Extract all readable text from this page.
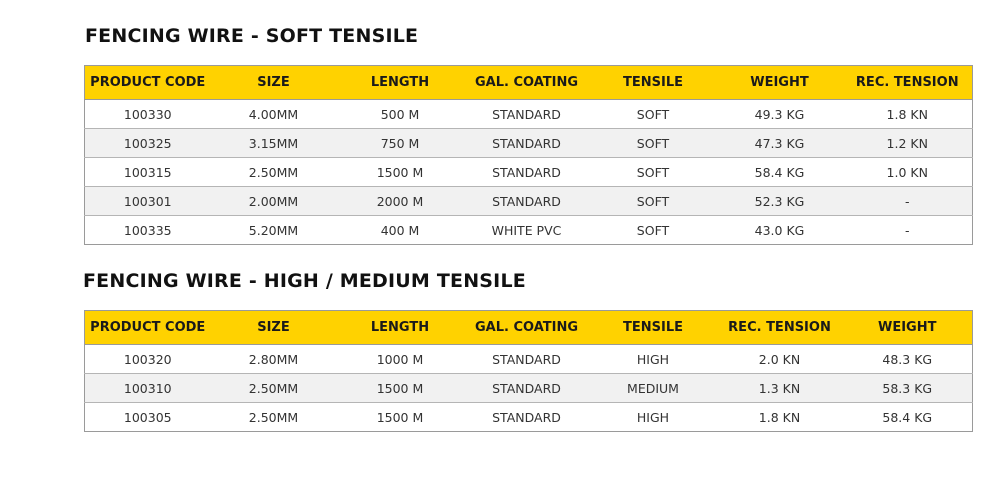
FENCING WIRE - SOFT TENSILE
PRODUCT CODE	SIZE	LENGTH	GAL. COATING	TENSILE	WEIGHT	REC. TENSION
100330	4.00MM	500 M	STANDARD	SOFT	49.3 KG	1.8 KN
100325	3.15MM	750 M	STANDARD	SOFT	47.3 KG	1.2 KN
100315	2.50MM	1500 M	STANDARD	SOFT	58.4 KG	1.0 KN
100301	2.00MM	2000 M	STANDARD	SOFT	52.3 KG	-
100335	5.20MM	400 M	WHITE PVC	SOFT	43.0 KG	-
FENCING WIRE - HIGH / MEDIUM TENSILE
PRODUCT CODE	SIZE	LENGTH	GAL. COATING	TENSILE	REC. TENSION	WEIGHT
100320	2.80MM	1000 M	STANDARD	HIGH	2.0 KN	48.3 KG
100310	2.50MM	1500 M	STANDARD	MEDIUM	1.3 KN	58.3 KG
100305	2.50MM	1500 M	STANDARD	HIGH	1.8 KN	58.4 KG
